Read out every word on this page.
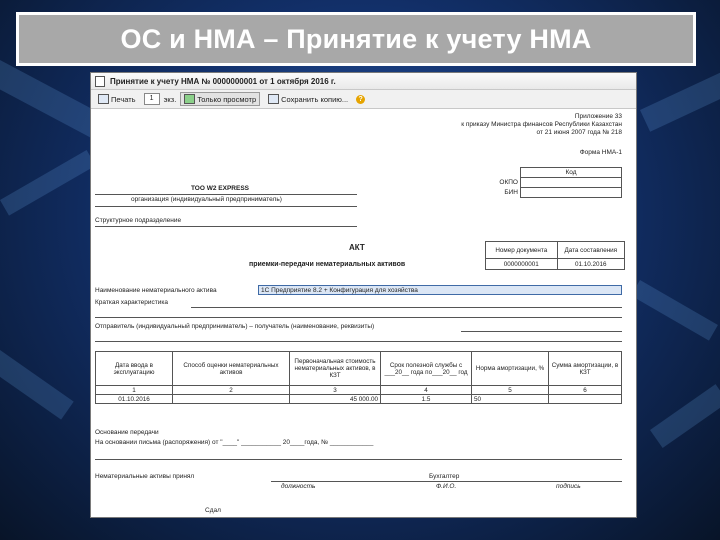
ОС и НМА – Принятие к учету НМА
Принятие к учету НМА № 0000000001 от 1 октября 2016 г.
Печать	1	экз.	Только просмотр	Сохранить копию...	?
Приложение 33
к приказу Министра финансов Республики Казахстан
от 21 июня 2007 года № 218
Форма НМА-1
	Код
ОКПО	
БИН	
ТОО W2 EXPRESS
организация (индивидуальный предприниматель)
Структурное подразделение
АКТ
приемки-передачи нематериальных активов
Номер документа	Дата составления
0000000001	01.10.2016
Наименование нематериального актива	1С Предприятие 8.2 + Конфигурация для хозяйства
Краткая характеристика
Отправитель (индивидуальный предприниматель) – получатель (наименование, реквизиты)
Дата ввода в эксплуатацию	Способ оценки нематериальных активов	Первоначальная стоимость нематериальных активов, в КЗТ	Срок полезной службы с ___20__ года по___20__ год	Норма амортизации, %	Сумма амортизации, в КЗТ
1	2	3	4	5	6
01.10.2016		45 000.00	1.5	50	
Основание передачи
На основании письма (распоряжения) от "____" ___________ 20____года, № ____________
Нематериальные активы принял	Бухгалтер
должность	Ф.И.О.	подпись
Сдал
